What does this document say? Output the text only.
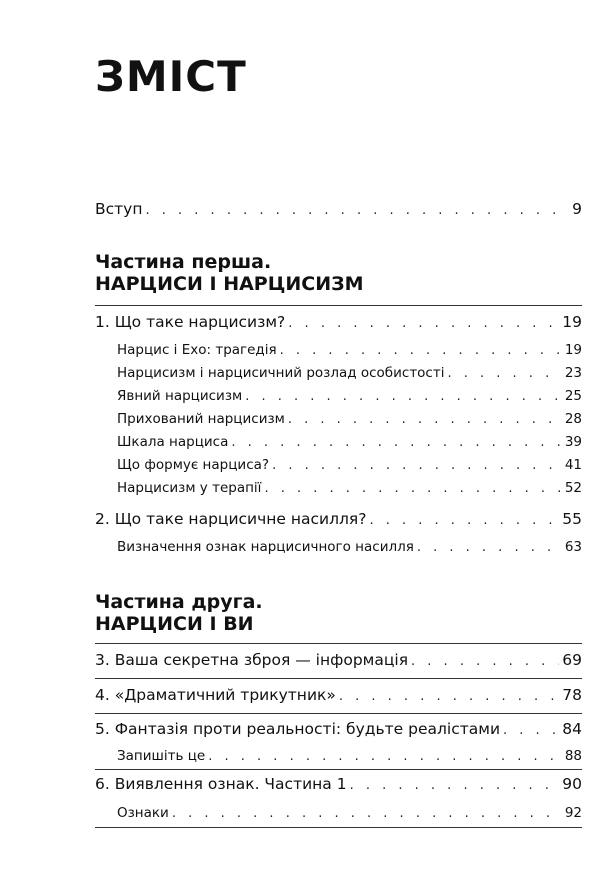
ЗМІСТ
Вступ . . .	9
Частина перша.
НАРЦИСИ І НАРЦИСИЗМ
1. Що таке нарцисизм? . . .	19
Нарцис і Ехо: трагедія . . .	19
Нарцисизм і нарцисичний розлад особистості . . .	23
Явний нарцисизм . . .	25
Прихований нарцисизм . . .	28
Шкала нарциса . . .	39
Що формує нарциса? . . .	41
Нарцисизм у терапії . . .	52
2. Що таке нарцисичне насилля? . . .	55
Визначення ознак нарцисичного насилля . . .	63
Частина друга.
НАРЦИСИ І ВИ
3. Ваша секретна зброя — інформація . . .	69
4. «Драматичний трикутник» . . .	78
5. Фантазія проти реальності: будьте реалістами . . .	84
Запишіть це . . .	88
6. Виявлення ознак. Частина 1 . . .	90
Ознаки . . .	92
